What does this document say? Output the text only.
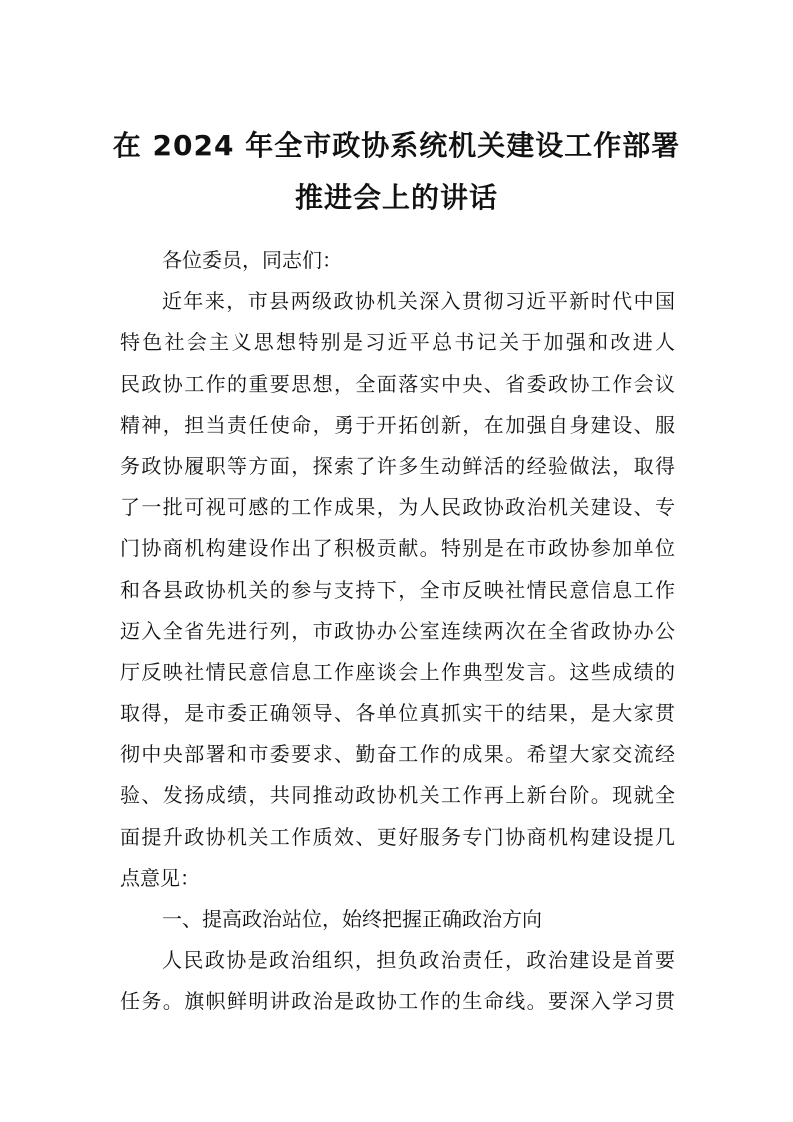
在 2024 年全市政协系统机关建设工作部署
推进会上的讲话
各位委员，同志们：
近年来，市县两级政协机关深入贯彻习近平新时代中国
特色社会主义思想特别是习近平总书记关于加强和改进人
民政协工作的重要思想，全面落实中央、省委政协工作会议
精神，担当责任使命，勇于开拓创新，在加强自身建设、服
务政协履职等方面，探索了许多生动鲜活的经验做法，取得
了一批可视可感的工作成果，为人民政协政治机关建设、专
门协商机构建设作出了积极贡献。特别是在市政协参加单位
和各县政协机关的参与支持下，全市反映社情民意信息工作
迈入全省先进行列，市政协办公室连续两次在全省政协办公
厅反映社情民意信息工作座谈会上作典型发言。这些成绩的
取得，是市委正确领导、各单位真抓实干的结果，是大家贯
彻中央部署和市委要求、勤奋工作的成果。希望大家交流经
验、发扬成绩，共同推动政协机关工作再上新台阶。现就全
面提升政协机关工作质效、更好服务专门协商机构建设提几
点意见：
一、提高政治站位，始终把握正确政治方向
人民政协是政治组织，担负政治责任，政治建设是首要
任务。旗帜鲜明讲政治是政协工作的生命线。要深入学习贯
